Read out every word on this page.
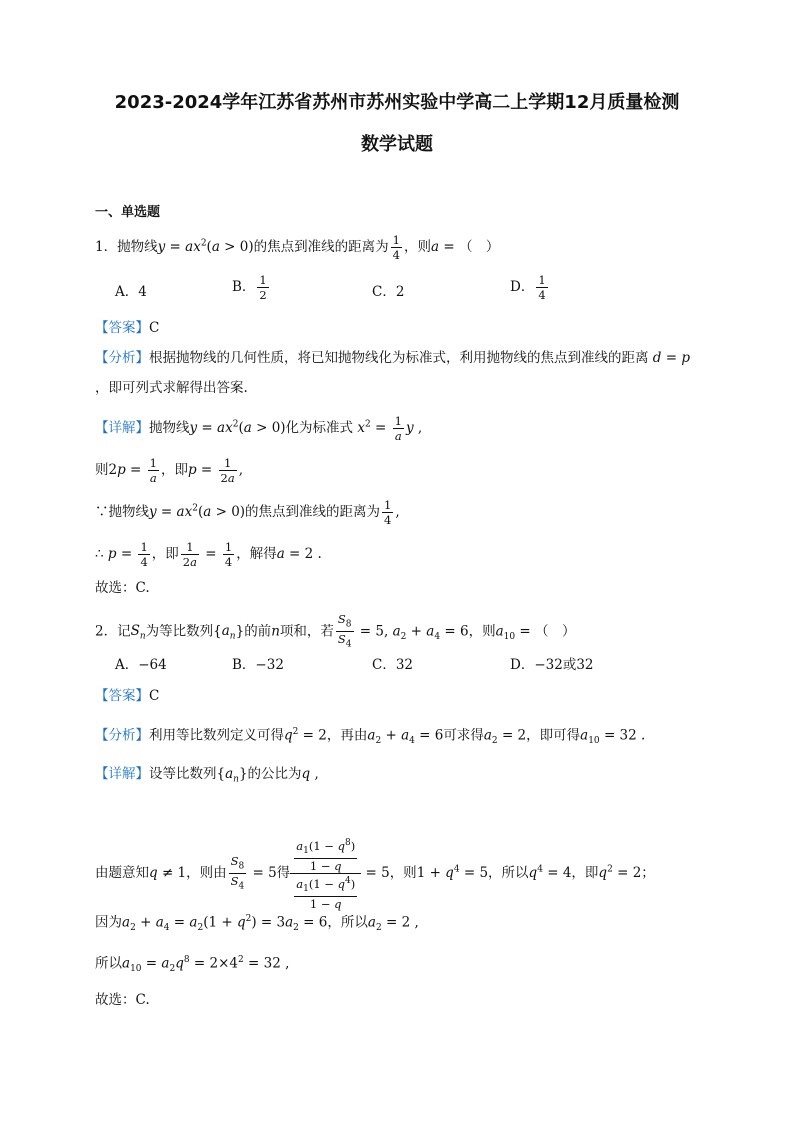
2023-2024学年江苏省苏州市苏州实验中学高二上学期12月质量检测
数学试题
一、单选题
1．抛物线$y = ax^2(a > 0)$的焦点到准线的距离为 $\frac{1}{4}$ ，则a = （　）
A．4	B． $\frac{1}{2}$	C．2	D． $\frac{1}{4}$
【答案】C
【分析】根据抛物线的几何性质，将已知抛物线化为标准式，利用抛物线的焦点到准线的距离 d = p
，即可列式求解得出答案.
【详解】抛物线$y = ax^2(a > 0)$化为标准式 $x^2 = \frac{1}{a}$ y ,
则$2p = \frac{1}{a}$ ，即$p = \frac{1}{2a}$ ,
∵抛物线$y = ax^2(a > 0)$的焦点到准线的距离为 $\frac{1}{4}$ ,
∴ $p = \frac{1}{4}$ ，即 $\frac{1}{2a} = \frac{1}{4}$ ，解得a = 2 .
故选：C.
2．记$S_n$为等比数列$\{a_n\}$的前n项和，若 $\frac{S_8}{S_4} = 5$, $a_2 + a_4 = 6$，则$a_{10}$ = （　）
A．−64	B．−32	C．32	D．−32或32
【答案】C
【分析】利用等比数列定义可得$q^2 = 2$，再由$a_2 + a_4 = 6$可求得$a_2 = 2$，即可得$a_{10} = 32$ .
【详解】设等比数列$\{a_n\}$的公比为q ,
由题意知q ≠ 1，则由 $\frac{S_8}{S_4} = 5$得 $\frac{\frac{a_1(1 - q^8)}{1 - q}}{\frac{a_1(1 - q^4)}{1 - q}} = 5$，则$1 + q^4 = 5$，所以$q^4 = 4$，即$q^2 = 2$；
因为$a_2 + a_4 = a_2(1 + q^2) = 3a_2 = 6$，所以$a_2 = 2$ ,
所以$a_{10} = a_2q^8 = 2\times 4^2 = 32$ ,
故选：C.
